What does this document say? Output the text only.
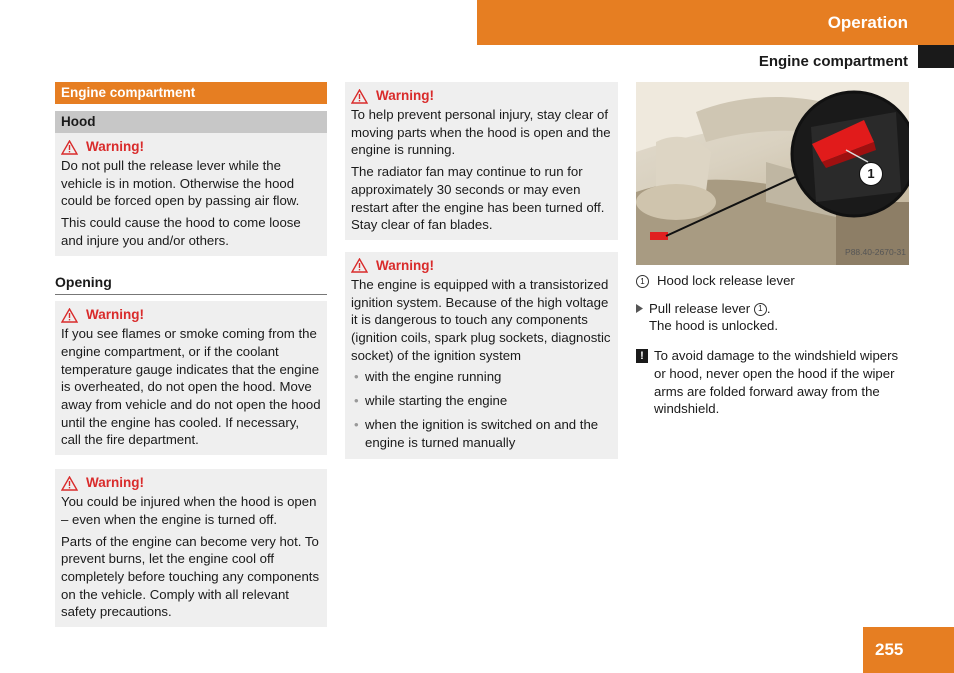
Operation
Engine compartment
Engine compartment
Hood
Warning!

Do not pull the release lever while the vehicle is in motion. Otherwise the hood could be forced open by passing air flow.

This could cause the hood to come loose and injure you and/or others.

Opening
Warning!

If you see flames or smoke coming from the engine compartment, or if the coolant temperature gauge indicates that the engine is overheated, do not open the hood. Move away from vehicle and do not open the hood until the engine has cooled. If necessary, call the fire department.

Warning!

You could be injured when the hood is open – even when the engine is turned off.

Parts of the engine can become very hot. To prevent burns, let the engine cool off completely before touching any components on the vehicle. Comply with all relevant safety precautions.

Warning!

To help prevent personal injury, stay clear of moving parts when the hood is open and the engine is running.

The radiator fan may continue to run for approximately 30 seconds or may even restart after the engine has been turned off. Stay clear of fan blades.

Warning!

The engine is equipped with a transistorized ignition system. Because of the high voltage it is dangerous to touch any components (ignition coils, spark plug sockets, diagnostic socket) of the ignition system

• with the engine running
• while starting the engine
• when the ignition is switched on and the engine is turned manually
1
P88.40-2670-31
1 Hood lock release lever
Pull release lever 1 .
The hood is unlocked.
! To avoid damage to the windshield wipers or hood, never open the hood if the wiper arms are folded forward away from the windshield.
255
